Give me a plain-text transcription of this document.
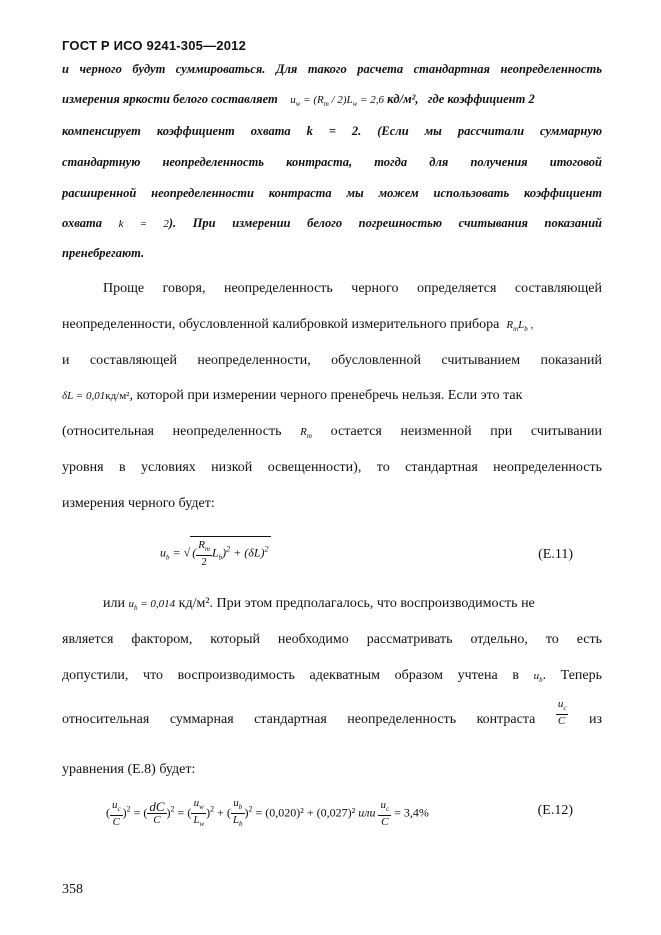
ГОСТ Р ИСО 9241-305—2012
и черного будут суммироваться. Для такого расчета стандартная неопределенность
измерения яркости белого составляет $u_w = (R_m / 2)L_w = 2,6$ кд/м², где коэффициент 2
компенсирует коэффициент охвата k = 2. (Если мы рассчитали суммарную
стандартную неопределенность контраста, тогда для получения итоговой
расширенной неопределенности контраста мы можем использовать коэффициент
охвата k = 2). При измерении белого погрешностью считывания показаний
пренебрегают.
Проще говоря, неопределенность черного определяется составляющей
неопределенности, обусловленной калибровкой измерительного прибора $R_mL_b$ ,
и составляющей неопределенности, обусловленной считыванием показаний
δL = 0,01кд/м², которой при измерении черного пренебречь нельзя. Если это так
(относительная неопределенность $R_m$ остается неизменной при считывании
уровня в условиях низкой освещенности), то стандартная неопределенность
измерения черного будет:
$u_b$ = √ ( $\frac{R_m}{2} L_b)^2 + (\delta L)^2$	(E.11)
или $u_b = 0,014$ кд/м². При этом предполагалось, что воспроизводимость не
является фактором, который необходимо рассматривать отдельно, то есть
допустили, что воспроизводимость адекватным образом учтена в $u_b$. Теперь
относительная суммарная стандартная неопределенность контраста $\frac{u_c}{C}$ из
уравнения (E.8) будет:
( $\frac{u_c}{C} )^2$ = ( $\frac{dC}{C} )^2$ = ( $\frac{u_w}{L_w} )^2$ + ( $\frac{u_b}{L_b} )^2 = (0,020)^2 + (0,027)^2$ или $\frac{u_c}{C} = 3,4\%$	(E.12)
358
